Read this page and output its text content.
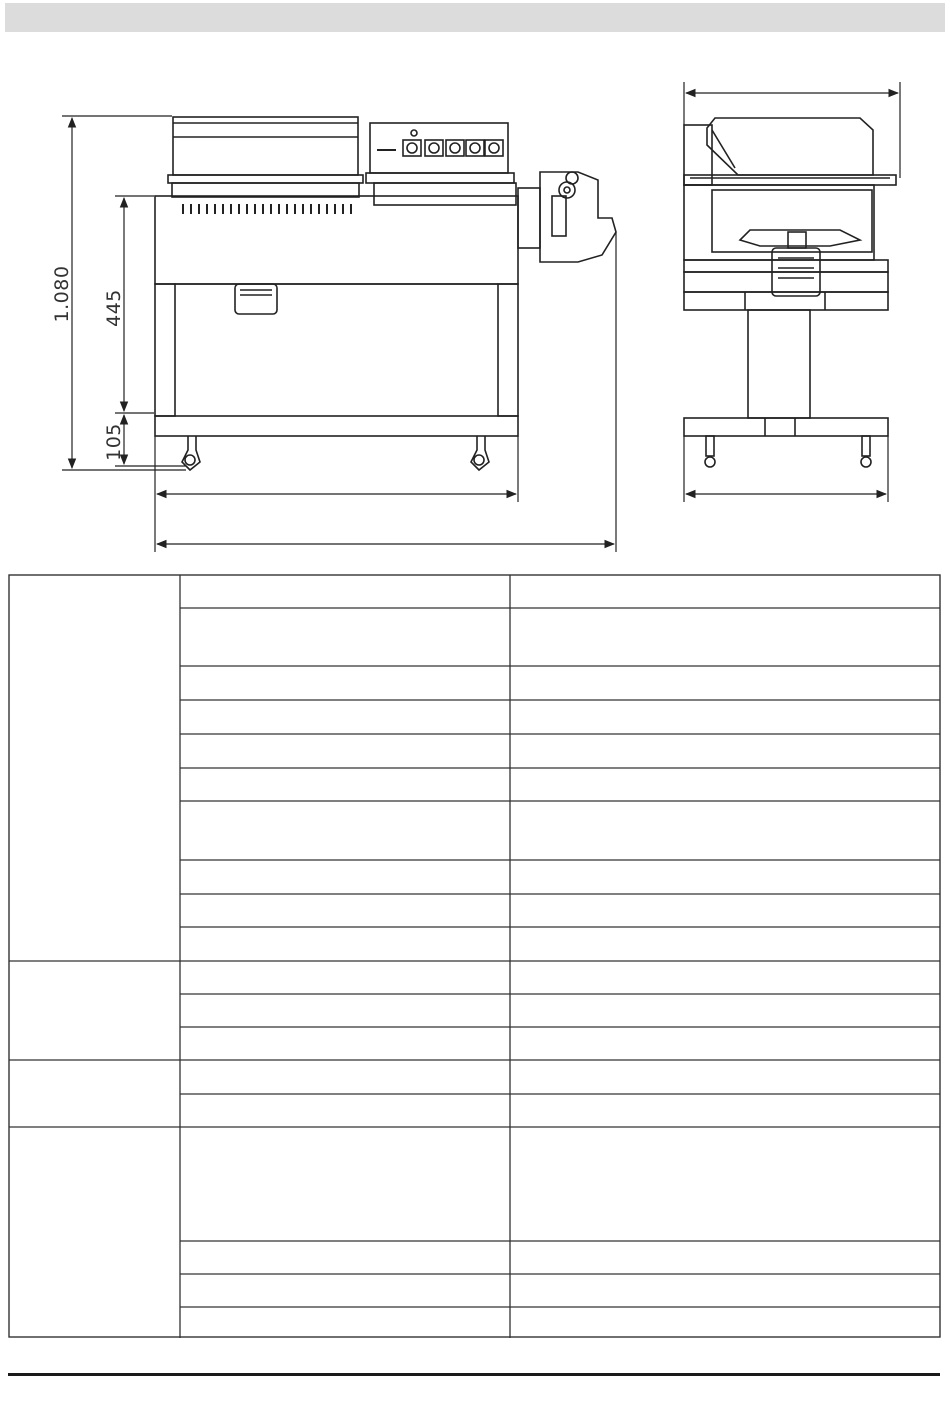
1.080 445
105
